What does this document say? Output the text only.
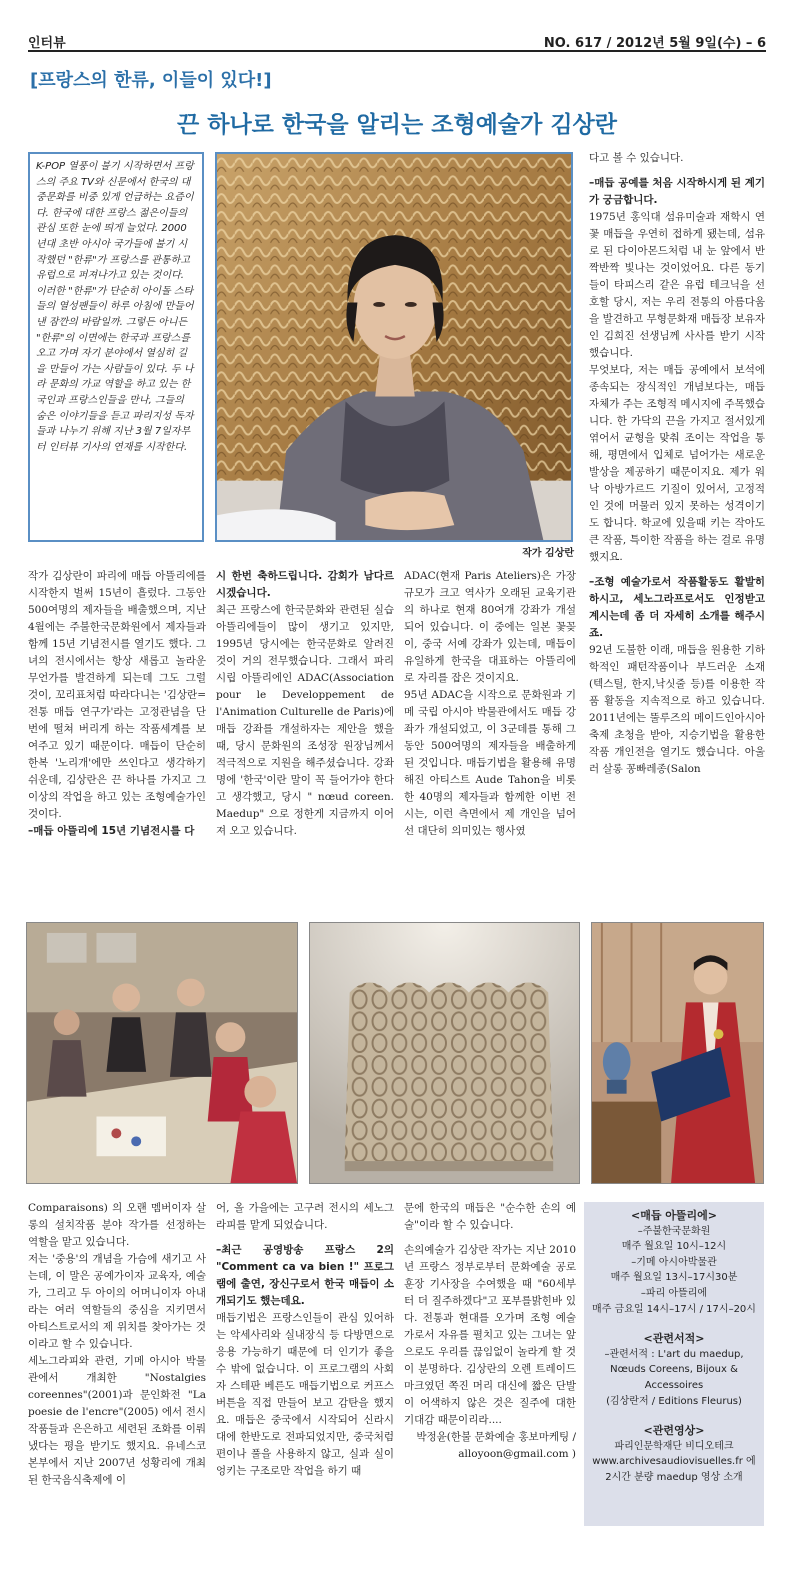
인터뷰	NO. 617 / 2012년 5월 9일(수) – 6
[프랑스의 한류, 이들이 있다!]
끈 하나로 한국을 알리는 조형예술가 김상란

K-POP 열풍이 불기 시작하면서 프랑스의 주요 TV와 신문에서 한국의 대중문화를 비중 있게 언급하는 요즘이다. 한국에 대한 프랑스 젊은이들의 관심 또한 눈에 띄게 늘었다. 2000년대 초반 아시아 국가들에 불기 시작했던 "한류"가 프랑스를 관통하고 유럽으로 퍼져나가고 있는 것이다.

이러한 "한류"가 단순히 아이돌 스타들의 열성팬들이 하루 아침에 만들어 낸 잠깐의 바람일까. 그렇든 아니든 "한류"의 이면에는 한국과 프랑스를 오고 가며 자기 분야에서 열심히 길을 만들어 가는 사람들이 있다. 두 나라 문화의 가교 역할을 하고 있는 한국인과 프랑스인들을 만나, 그들의 숨은 이야기들을 듣고 파리지성 독자들과 나누기 위해 지난 3월 7일자부터 인터뷰 기사의 연재를 시작한다.

작가 김상란

작가 김상란이 파리에 매듭 아뜰리에를 시작한지 벌써 15년이 흘렀다. 그동안 500여명의 제자들을 배출했으며, 지난 4월에는 주불한국문화원에서 제자들과 함께 15년 기념전시를 열기도 했다. 그녀의 전시에서는 항상 새롭고 놀라운 무언가를 발견하게 되는데 그도 그럴 것이, 꼬리표처럼 따라다니는 '김상란=전통 매듭 연구가'라는 고정관념을 단번에 떨쳐 버리게 하는 작품세계를 보여주고 있기 때문이다. 매듭이 단순히 한복 '노리개'에만 쓰인다고 생각하기 쉬운데, 김상란은 끈 하나를 가지고 그 이상의 작업을 하고 있는 조형예술가인 것이다.

–매듭 아뜰리에 15년 기념전시를 다

시 한번 축하드립니다. 감회가 남다르시겠습니다.

최근 프랑스에 한국문화와 관련된 실습 아뜰리에들이 많이 생기고 있지만, 1995년 당시에는 한국문화로 알려진 것이 거의 전무했습니다. 그래서 파리 시립 아뜰리에인 ADAC(Association pour le Developpement de l'Animation Culturelle de Paris)에 매듭 강좌를 개설하자는 제안을 했을때, 당시 문화원의 조성장 원장님께서 적극적으로 지원을 해주셨습니다. 강좌명에 '한국'이란 말이 꼭 들어가야 한다고 생각했고, 당시 " nœud coreen. Maedup" 으로 정한게 지금까지 이어져 오고 있습니다.

ADAC(현재 Paris Ateliers)은 가장 규모가 크고 역사가 오래된 교육기관의 하나로 현재 80여개 강좌가 개설되어 있습니다. 이 중에는 일본 꽃꽂이, 중국 서예 강좌가 있는데, 매듭이 유일하게 한국을 대표하는 아뜰리에로 자리를 잡은 것이지요.

95년 ADAC을 시작으로 문화원과 기메 국립 아시아 박물관에서도 매듭 강좌가 개설되었고, 이 3군데를 통해 그동안 500여명의 제자들을 배출하게 된 것입니다. 매듭기법을 활용해 유명해진 아티스트 Aude Tahon을 비롯한 40명의 제자들과 함께한 이번 전시는, 이런 측면에서 제 개인을 넘어선 대단히 의미있는 행사였

다고 볼 수 있습니다.

–매듭 공예를 처음 시작하시게 된 계기가 궁금합니다.

1975년 홍익대 섬유미술과 재학시 연꽃 매듭을 우연히 접하게 됐는데, 섬유로 된 다이아몬드처럼 내 눈 앞에서 반짝반짝 빛나는 것이었어요. 다른 동기들이 타피스리 같은 유럽 테크닉을 선호할 당시, 저는 우리 전통의 아름다움을 발견하고 무형문화재 매듭장 보유자인 김희진 선생님께 사사를 받기 시작했습니다.

무엇보다, 저는 매듭 공예에서 보석에 종속되는 장식적인 개념보다는, 매듭 자체가 주는 조형적 메시지에 주목했습니다. 한 가닥의 끈을 가지고 절서있게 엮어서 균형을 맞춰 조이는 작업을 통해, 평면에서 입체로 넘어가는 새로운 발상을 제공하기 때문이지요. 제가 워낙 아방가르드 기질이 있어서, 고정적인 것에 머물러 있지 못하는 성격이기도 합니다. 학교에 있을때 키는 작아도 큰 작품, 특이한 작품을 하는 걸로 유명했지요.

–조형 예술가로서 작품활동도 활발히 하시고, 세노그라프로서도 인정받고 계시는데 좀 더 자세히 소개를 해주시죠.

92년 도불한 이래, 매듭을 원용한 기하학적인 패턴작품이나 부드러운 소재(텍스틸, 한지,낙싯줄 등)를 이용한 작품 활동을 지속적으로 하고 있습니다. 2011년에는 뚤루즈의 메이드인아시아 축제 초청을 받아, 지승기법을 활용한 작품 개인전을 열기도 했습니다. 아울러 살롱 꽁빠레종(Salon

Comparaisons) 의 오랜 멤버이자 살롱의 설치작품 분야 작가를 선정하는 역할을 맡고 있습니다.

저는 '중용'의 개념을 가슴에 새기고 사는데, 이 말은 공예가이자 교육자, 예술가, 그리고 두 아이의 어머니이자 아내라는 여러 역할들의 중심을 지키면서 아티스트로서의 제 위치를 찾아가는 것이라고 할 수 있습니다.

세노그라피와 관련, 기메 아시아 박물관에서 개최한 "Nostalgies coreennes"(2001)과 문인화전 "La poesie de l'encre"(2005) 에서 전시작품들과 은은하고 세련된 조화를 이뤄냈다는 평을 받기도 했지요. 유네스코 본부에서 지난 2007년 성황리에 개최된 한국음식축제에 이

어, 올 가을에는 고구려 전시의 세노그라피를 맡게 되었습니다.

–최근 공영방송 프랑스 2의 "Comment ca va bien !" 프로그램에 출연, 장신구로서 한국 매듭이 소개되기도 했는데요.

매듭기법은 프랑스인들이 관심 있어하는 악세사리와 실내장식 등 다방면으로 응용 가능하기 때문에 더 인기가 좋을 수 밖에 없습니다. 이 프로그램의 사회자 스테판 베른도 매듭기법으로 커프스 버튼을 직접 만들어 보고 감탄을 했지요. 매듭은 중국에서 시작되어 신라시대에 한반도로 전파되었지만, 중국처럼 편이나 풀을 사용하지 않고, 실과 실이 엉키는 구조로만 작업을 하기 때

문에 한국의 매듭은 "순수한 손의 예술"이라 할 수 있습니다.

손의예술가 김상란 작가는 지난 2010년 프랑스 정부로부터 문화예술 공로훈장 기사장을 수여했을 때 "60세부터 더 질주하겠다"고 포부를밝힌바 있다. 전통과 현대를 오가며 조형 예술가로서 자유를 펼치고 있는 그녀는 앞으로도 우리를 끊임없이 놀라게 할 것이 분명하다. 김상란의 오렌 트레이드 마크였던 쪽진 머리 대신에 짧은 단발이 어색하지 않은 것은 질주에 대한 기대감 때문이리라....

박정윤(한불 문화예술 홍보마케팅 / alloyoon@gmail.com )

<매듭 아뜰리에>
–주불한국문화원
매주 월요일 10시–12시
–기메 아시아박물관
매주 월요일 13시–17시30분
–파리 아뜰리에
매주 금요일 14시–17시 / 17시–20시
<관련서적>
–관련서적 : L'art du maedup,
Nœuds Coreens, Bijoux &
Accessoires
(김상란저 / Editions Fleurus)
<관련영상>
파리인문학재단 비디오테크
www.archivesaudiovisuelles.fr 에
2시간 분량 maedup 영상 소개
